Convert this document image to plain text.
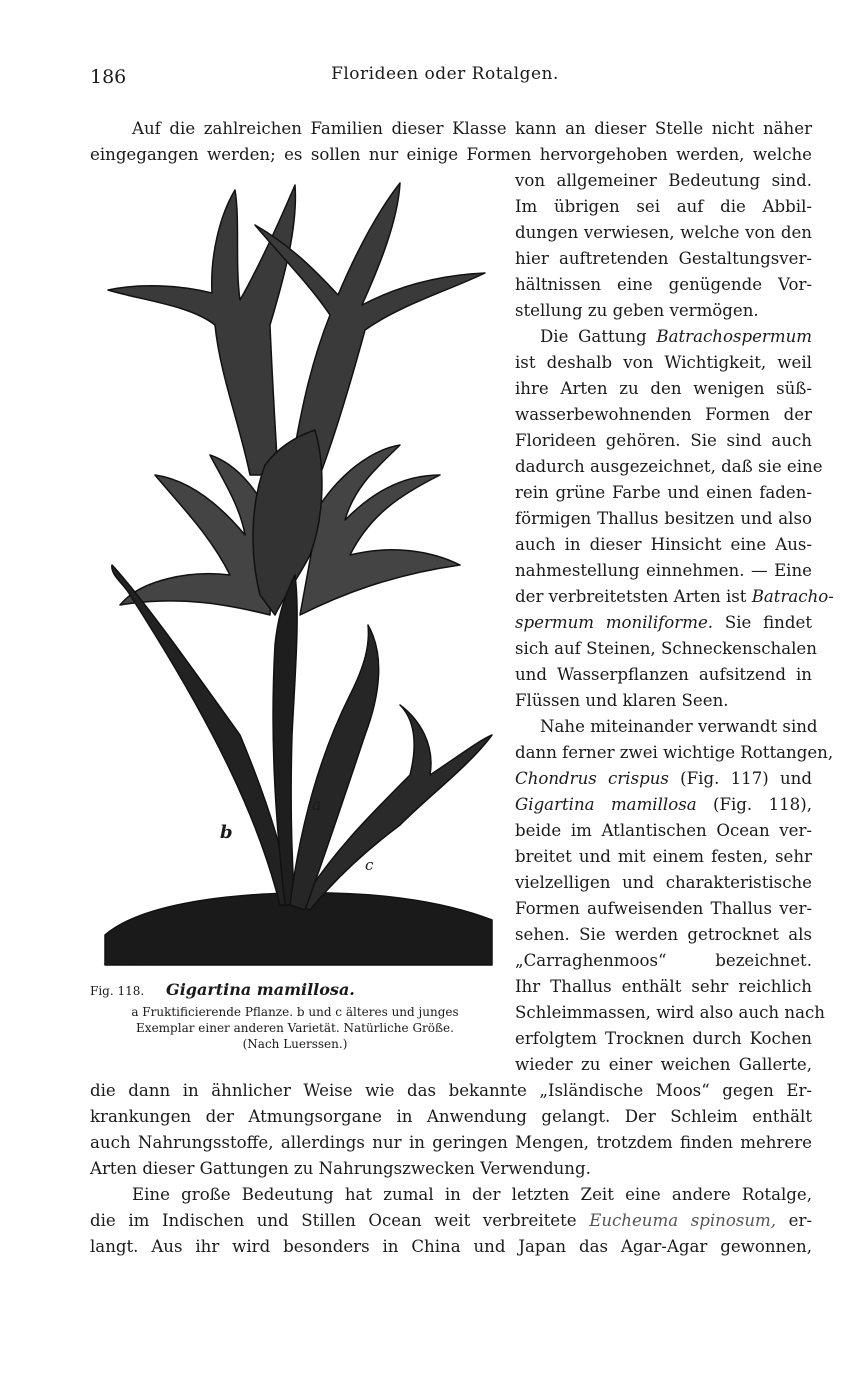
186	Florideen oder Rotalgen.
Auf die zahlreichen Familien dieser Klasse kann an dieser Stelle nicht näher
eingegangen werden; es sollen nur einige Formen hervorgehoben werden, welche
von allgemeiner Bedeutung sind.
Im übrigen sei auf die Abbil-
dungen verwiesen, welche von den
hier auftretenden Gestaltungsver-
hältnissen eine genügende Vor-
stellung zu geben vermögen.
Die Gattung Batrachospermum
ist deshalb von Wichtigkeit, weil
ihre Arten zu den wenigen süß-
wasserbewohnenden Formen der
Florideen gehören. Sie sind auch
dadurch ausgezeichnet, daß sie eine
rein grüne Farbe und einen faden-
förmigen Thallus besitzen und also
auch in dieser Hinsicht eine Aus-
nahmestellung einnehmen. — Eine
der verbreitetsten Arten ist Batracho-
spermum moniliforme. Sie findet
sich auf Steinen, Schneckenschalen
und Wasserpflanzen aufsitzend in
Flüssen und klaren Seen.
Nahe miteinander verwandt sind
dann ferner zwei wichtige Rottangen,
Chondrus crispus (Fig. 117) und
Gigartina mamillosa (Fig. 118),
beide im Atlantischen Ocean ver-
breitet und mit einem festen, sehr
vielzelligen und charakteristische
Formen aufweisenden Thallus ver-
sehen. Sie werden getrocknet als
„Carraghenmoos“ bezeichnet.
Ihr Thallus enthält sehr reichlich
Schleimmassen, wird also auch nach
erfolgtem Trocknen durch Kochen
wieder zu einer weichen Gallerte,
die dann in ähnlicher Weise wie das bekannte „Isländische Moos“ gegen Er-
krankungen der Atmungsorgane in Anwendung gelangt. Der Schleim enthält
auch Nahrungsstoffe, allerdings nur in geringen Mengen, trotzdem finden mehrere
Arten dieser Gattungen zu Nahrungszwecken Verwendung.
Eine große Bedeutung hat zumal in der letzten Zeit eine andere Rotalge,
die im Indischen und Stillen Ocean weit verbreitete Eucheuma spinosum, er-
langt. Aus ihr wird besonders in China und Japan das Agar-Agar gewonnen,
a
b
c
K.A.-W.l.
Fig. 118. Gigartina mamillosa.
a Fruktificierende Pflanze. b und c älteres und junges
Exemplar einer anderen Varietät. Natürliche Größe.
(Nach Luerssen.)
